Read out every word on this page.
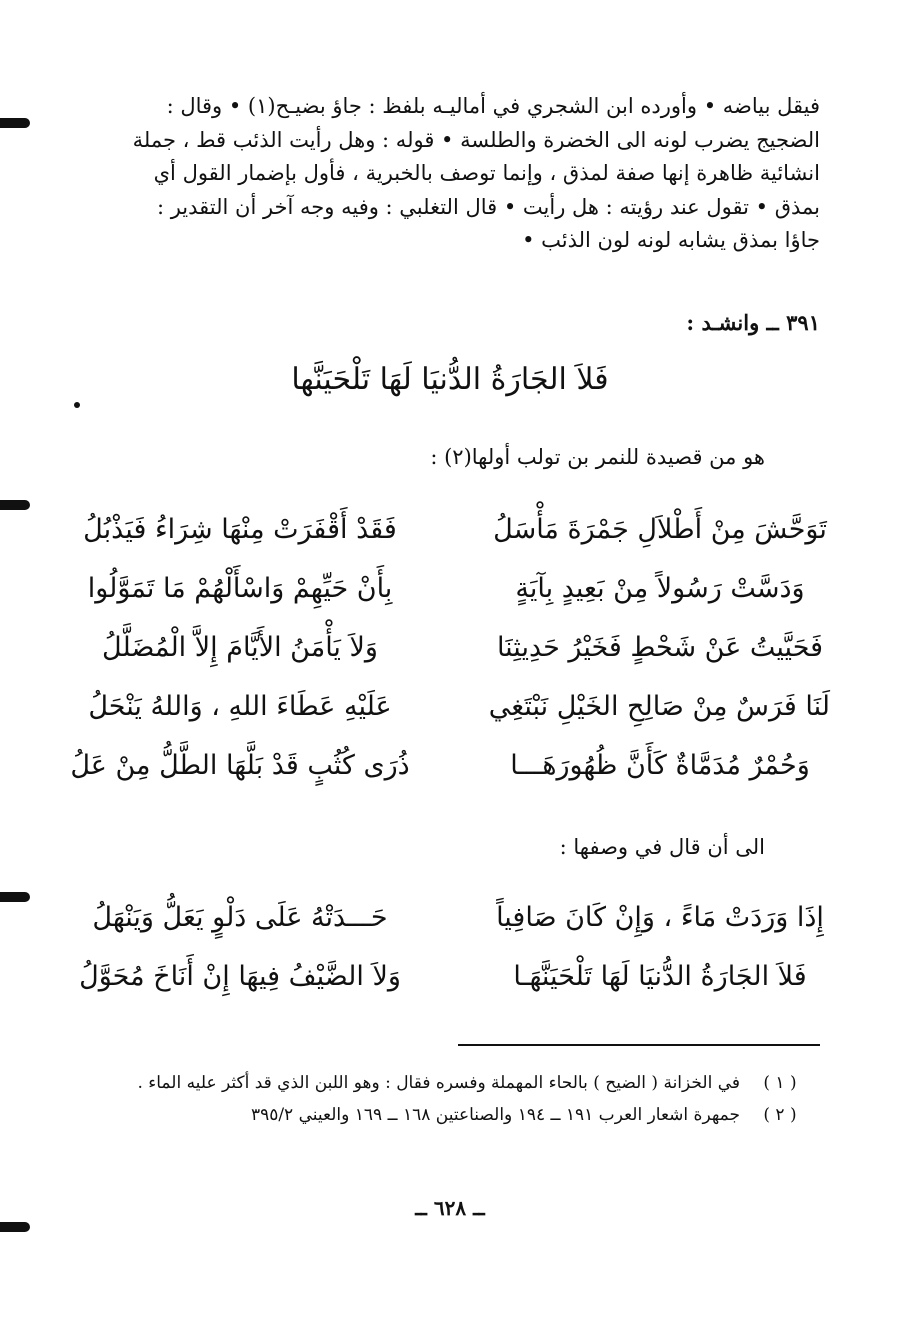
فيقل بياضه • وأورده ابن الشجري في أماليـه بلفظ : جاؤ بضيـح(١) • وقال :

الضجيج يضرب لونه الى الخضرة والطلسة • قوله : وهل رأيت الذئب قط ، جملة

انشائية ظاهرة إنها صفة لمذق ، وإنما توصف بالخبرية ، فأول بإضمار القول أي

بمذق • تقول عند رؤيته : هل رأيت • قال التغلبي : وفيه وجه آخر أن التقدير :

جاؤا بمذق يشابه لونه لون الذئب •

٣٩١ ــ وانشـد :
فَلاَ الجَارَةُ الدُّنيَا لَهَا تَلْحَيَنَّها
هو من قصيدة للنمر بن تولب أولها(٢) :
تَوَحَّشَ مِنْ أَطْلاَلِ جَمْرَةَ مَأْسَلُ
فَقَدْ أَقْفَرَتْ مِنْهَا شِرَاءُ فَيَذْبُلُ
وَدَسَّتْ رَسُولاً مِنْ بَعِيدٍ بِآيَةٍ
بِأَنْ حَيِّهِمْ وَاسْأَلْهُمْ مَا تَمَوَّلُوا
فَحَيَّيتُ عَنْ شَحْطٍ فَخَيْرُ حَدِيثِنَا
وَلاَ يَأْمَنُ الأَيَّامَ إِلاَّ الْمُضَلَّلُ
لَنَا فَرَسٌ مِنْ صَالِحِ الخَيْلِ نَبْتَغِي
عَلَيْهِ عَطَاءَ اللهِ ، وَاللهُ يَنْحَلُ
وَحُمْرٌ مُدَمَّاةٌ كَأَنَّ ظُهُورَهَـــا
ذُرَى كُثُبٍ قَدْ بَلَّهَا الطَّلُّ مِنْ عَلُ
الى أن قال في وصفها :
إِذَا وَرَدَتْ مَاءً ، وَإِنْ كَانَ صَافِياً
حَـــدَتْهُ عَلَى دَلْوٍ يَعَلُّ وَيَنْهَلُ
فَلاَ الجَارَةُ الدُّنيَا لَهَا تَلْحَيَنَّهَـا
وَلاَ الضَّيْفُ فِيهَا إِنْ أَنَاخَ مُحَوَّلُ
( ١ )
في الخزانة ( الضيح ) بالحاء المهملة وفسره فقال : وهو اللبن الذي قد أكثر عليه الماء .
( ٢ )
جمهرة اشعار العرب ١٩١ ــ ١٩٤ والصناعتين ١٦٨ ــ ١٦٩ والعيني ٣٩٥/٢
ــ ٦٢٨ ــ
